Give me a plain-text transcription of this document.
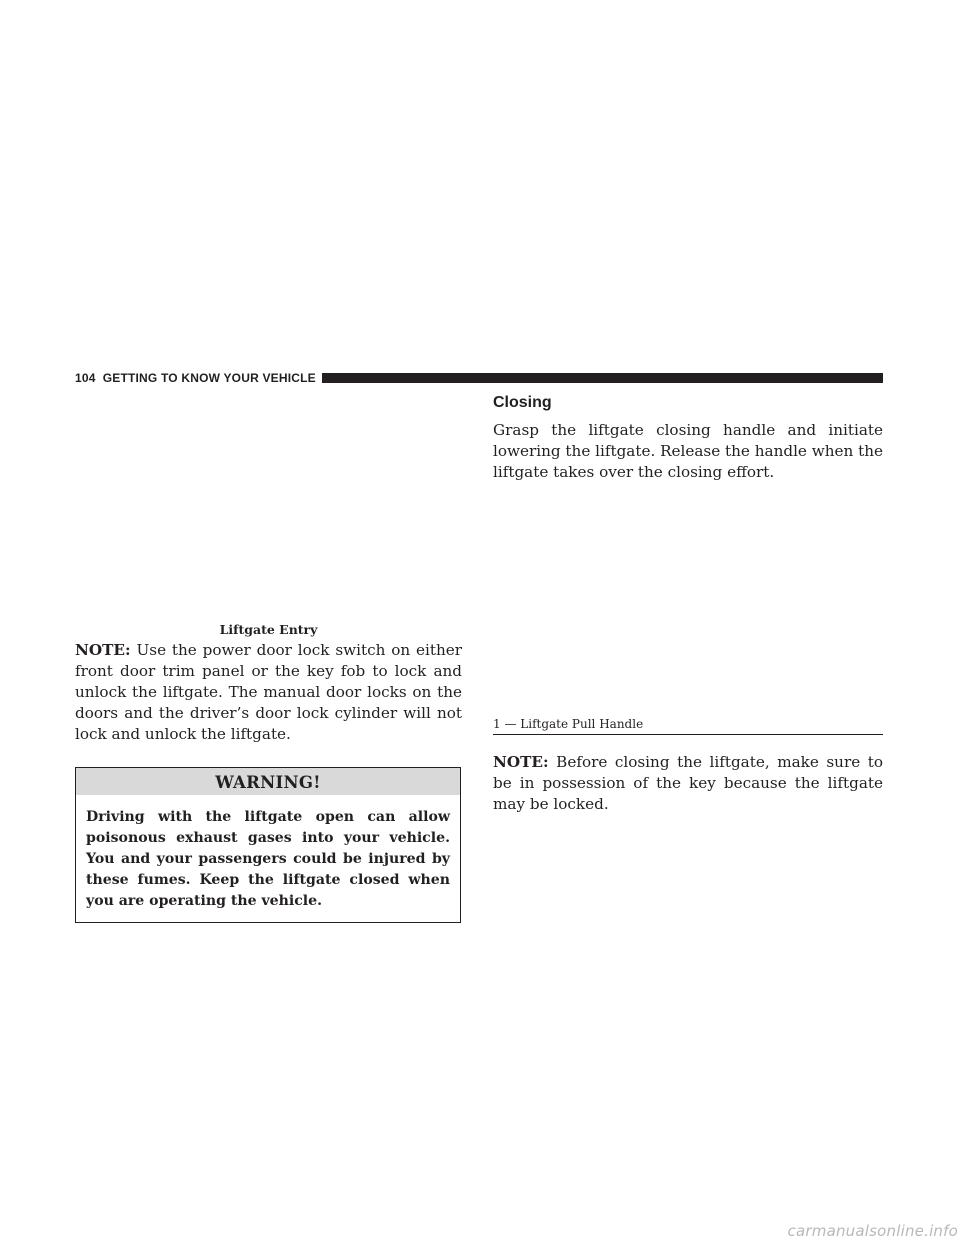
104 GETTING TO KNOW YOUR VEHICLE

Liftgate Entry

NOTE: Use the power door lock switch on either front door trim panel or the key fob to lock and unlock the liftgate. The manual door locks on the doors and the driver’s door lock cylinder will not lock and unlock the liftgate.

WARNING!
Driving with the liftgate open can allow poisonous exhaust gases into your vehicle. You and your passengers could be injured by these fumes. Keep the liftgate closed when you are operating the vehicle.
Closing

Grasp the liftgate closing handle and initiate lowering the liftgate. Release the handle when the liftgate takes over the closing effort.

1 — Liftgate Pull Handle

NOTE: Before closing the liftgate, make sure to be in possession of the key because the liftgate may be locked.

carmanualsonline.info
